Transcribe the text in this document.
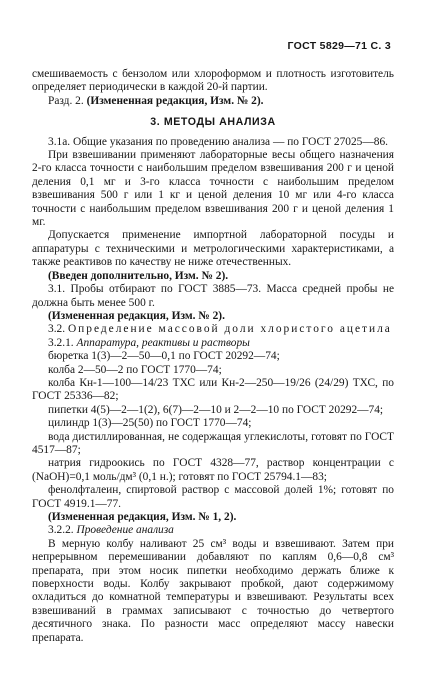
ГОСТ 5829—71 С. 3

смешиваемость с бензолом или хлороформом и плотность изготовитель определяет периодически в каждой 20-й партии.

Разд. 2. (Измененная редакция, Изм. № 2).

3. МЕТОДЫ АНАЛИЗА

3.1а. Общие указания по проведению анализа — по ГОСТ 27025—86.

При взвешивании применяют лабораторные весы общего назначения 2-го класса точности с наибольшим пределом взвешивания 200 г и ценой деления 0,1 мг и 3-го класса точности с наибольшим пределом взвешивания 500 г или 1 кг и ценой деления 10 мг или 4-го класса точности с наибольшим пределом взвешивания 200 г и ценой деления 1 мг.

Допускается применение импортной лабораторной посуды и аппаратуры с техническими и метрологическими характеристиками, а также реактивов по качеству не ниже отечественных.

(Введен дополнительно, Изм. № 2).

3.1. Пробы отбирают по ГОСТ 3885—73. Масса средней пробы не должна быть менее 500 г.

(Измененная редакция, Изм. № 2).

3.2. Определение массовой доли хлористого ацетила

3.2.1. Аппаратура, реактивы и растворы

бюретка 1(3)—2—50—0,1 по ГОСТ 20292—74;

колба 2—50—2 по ГОСТ 1770—74;

колба Кн-1—100—14/23 ТХС или Кн-2—250—19/26 (24/29) ТХС, по ГОСТ 25336—82;

пипетки 4(5)—2—1(2), 6(7)—2—10 и 2—2—10 по ГОСТ 20292—74;

цилиндр 1(3)—25(50) по ГОСТ 1770—74;

вода дистиллированная, не содержащая углекислоты, готовят по ГОСТ 4517—87;

натрия гидроокись по ГОСТ 4328—77, раствор концентрации c (NaOH)=0,1 моль/дм³ (0,1 н.); готовят по ГОСТ 25794.1—83;

фенолфталеин, спиртовой раствор с массовой долей 1%; готовят по ГОСТ 4919.1—77.

(Измененная редакция, Изм. № 1, 2).

3.2.2. Проведение анализа

В мерную колбу наливают 25 см³ воды и взвешивают. Затем при непрерывном перемешивании добавляют по каплям 0,6—0,8 см³ препарата, при этом носик пипетки необходимо держать ближе к поверхности воды. Колбу закрывают пробкой, дают содержимому охладиться до комнатной температуры и взвешивают. Результаты всех взвешиваний в граммах записывают с точностью до четвертого десятичного знака. По разности масс определяют массу навески препарата.
